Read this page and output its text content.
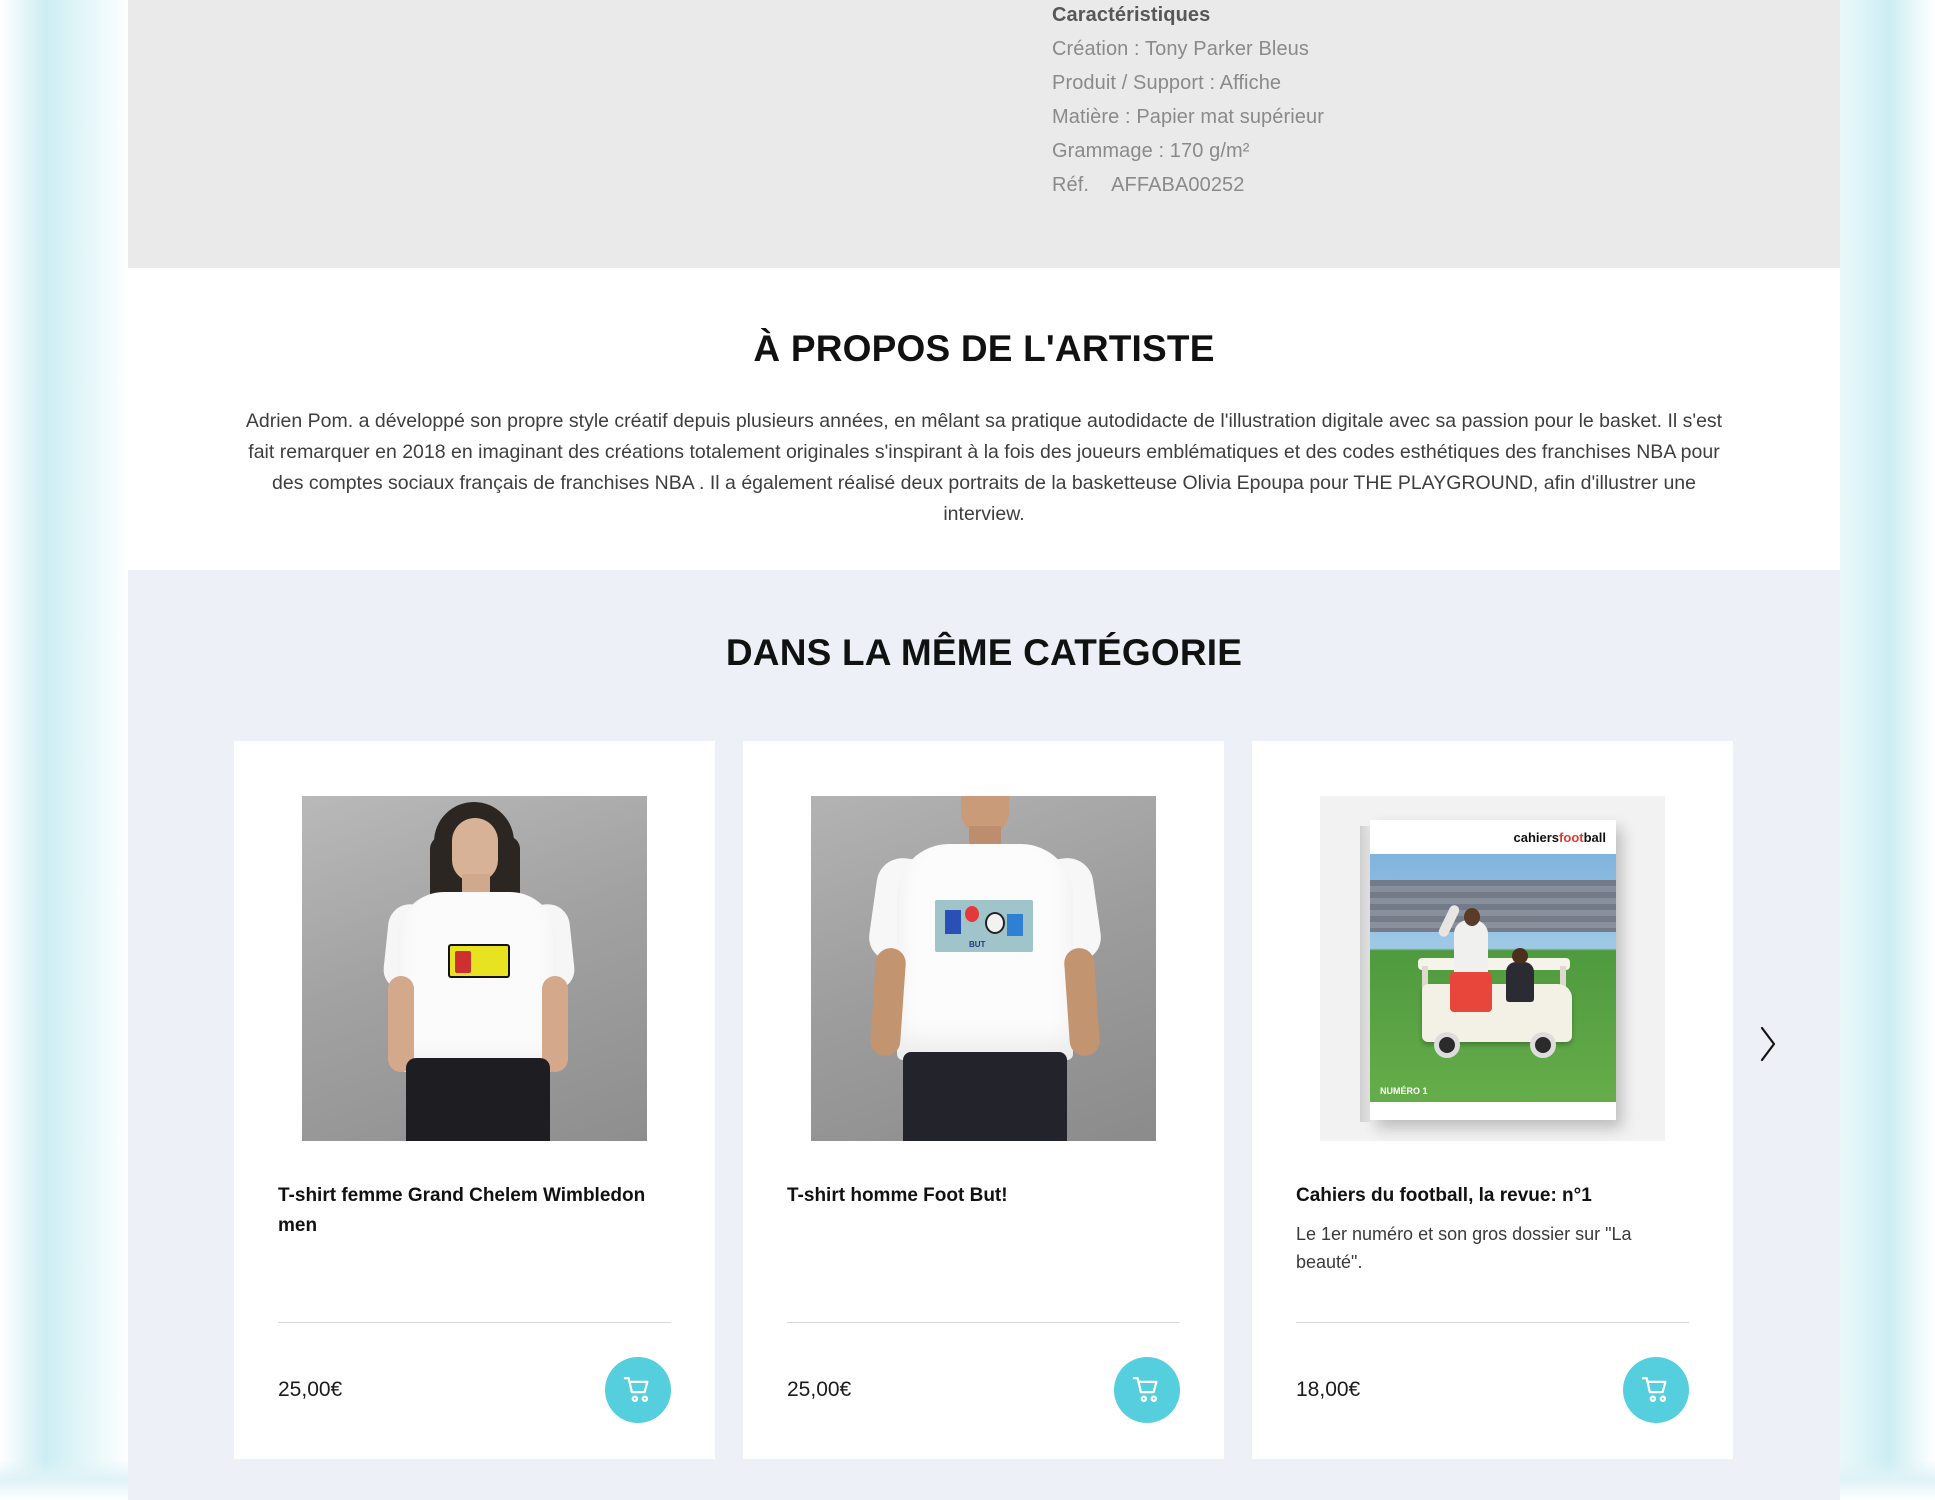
Caractéristiques
Création : Tony Parker Bleus
Produit / Support : Affiche
Matière : Papier mat supérieur
Grammage : 170 g/m²
Réf. AFFABA00252
À PROPOS DE L'ARTISTE

Adrien Pom. a développé son propre style créatif depuis plusieurs années, en mêlant sa pratique autodidacte de l'illustration digitale avec sa passion pour le basket. Il s'est fait remarquer en 2018 en imaginant des créations totalement originales s'inspirant à la fois des joueurs emblématiques et des codes esthétiques des franchises NBA pour des comptes sociaux français de franchises NBA . Il a également réalisé deux portraits de la basketteuse Olivia Epoupa pour THE PLAYGROUND, afin d'illustrer une interview.

DANS LA MÊME CATÉGORIE
T-shirt femme Grand Chelem Wimbledon men
25,00€
BUT
T-shirt homme Foot But!
25,00€
cahiers foot ball
NUMÉRO 1
Cahiers du football, la revue: n°1
Le 1er numéro et son gros dossier sur "La beauté".
18,00€
